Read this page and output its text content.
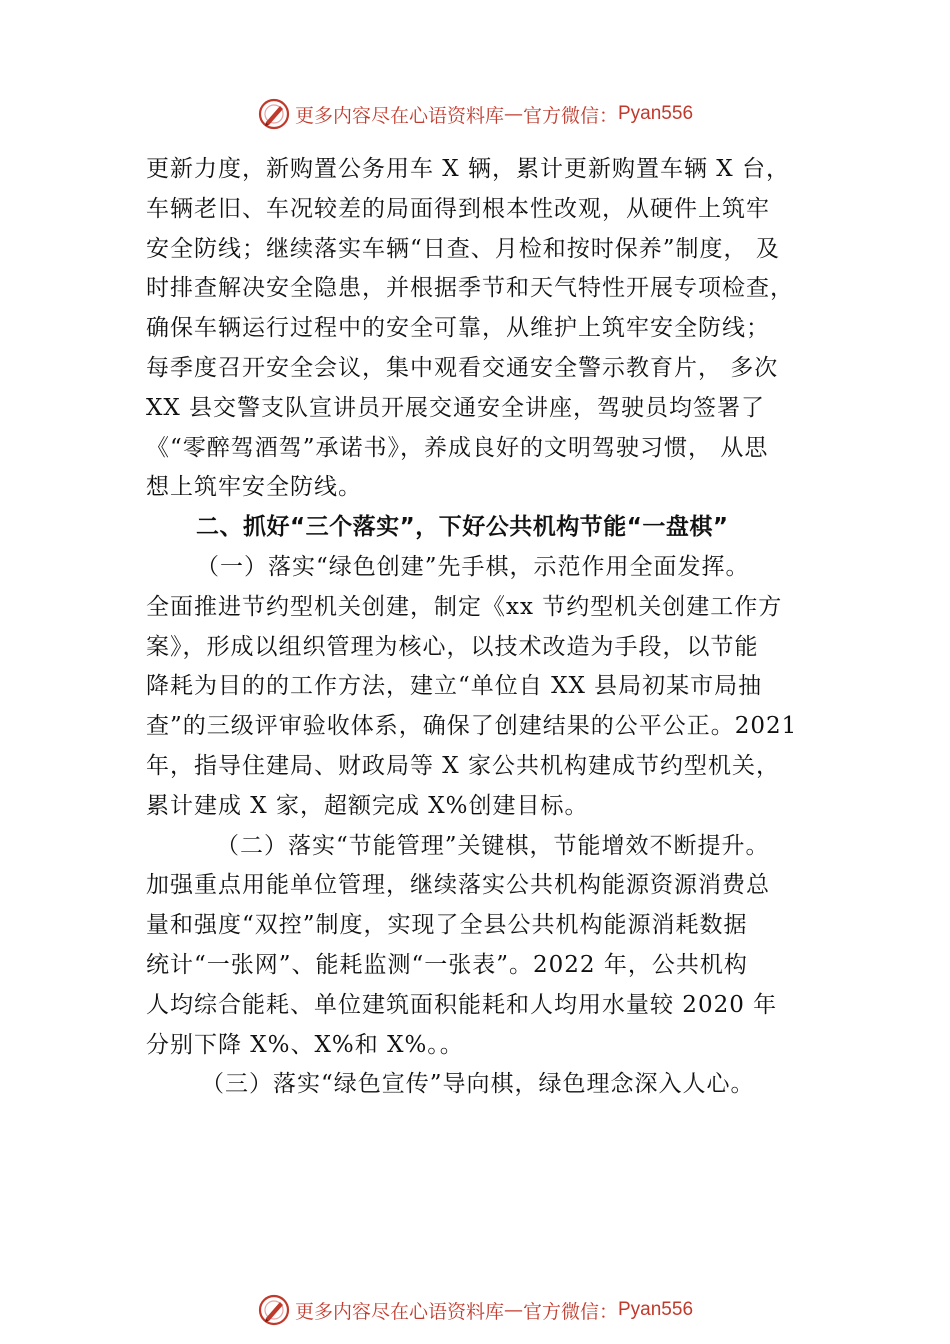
更多内容尽在心语资料库 — 官方微信： Pyan556
更新力度，新购置公务用车 X 辆，累计更新购置车辆 X 台，
车辆老旧、车况较差的局面得到根本性改观，从硬件上筑牢
安全防线；继续落实车辆“日查、月检和按时保养”制度， 及
时排查解决安全隐患，并根据季节和天气特性开展专项检查，
确保车辆运行过程中的安全可靠，从维护上筑牢安全防线；
每季度召开安全会议，集中观看交通安全警示教育片， 多次
XX 县交警支队宣讲员开展交通安全讲座，驾驶员均签署了
《“零醉驾酒驾”承诺书》，养成良好的文明驾驶习惯， 从思
想上筑牢安全防线。
二、抓好“三个落实”，下好公共机构节能“一盘棋”
（一）落实“绿色创建”先手棋，示范作用全面发挥。
全面推进节约型机关创建，制定《xx 节约型机关创建工作方
案》，形成以组织管理为核心，以技术改造为手段，以节能
降耗为目的的工作方法，建立“单位自 XX 县局初某市局抽
查”的三级评审验收体系，确保了创建结果的公平公正。2021
年，指导住建局、财政局等 X 家公共机构建成节约型机关，
累计建成 X 家，超额完成 X%创建目标。
（二）落实“节能管理”关键棋，节能增效不断提升。
加强重点用能单位管理，继续落实公共机构能源资源消费总
量和强度“双控”制度，实现了全县公共机构能源消耗数据
统计“一张网”、能耗监测“一张表”。2022 年，公共机构
人均综合能耗、单位建筑面积能耗和人均用水量较 2020 年
分别下降 X%、X%和 X%。。
（三）落实“绿色宣传”导向棋，绿色理念深入人心。
更多内容尽在心语资料库 — 官方微信： Pyan556
